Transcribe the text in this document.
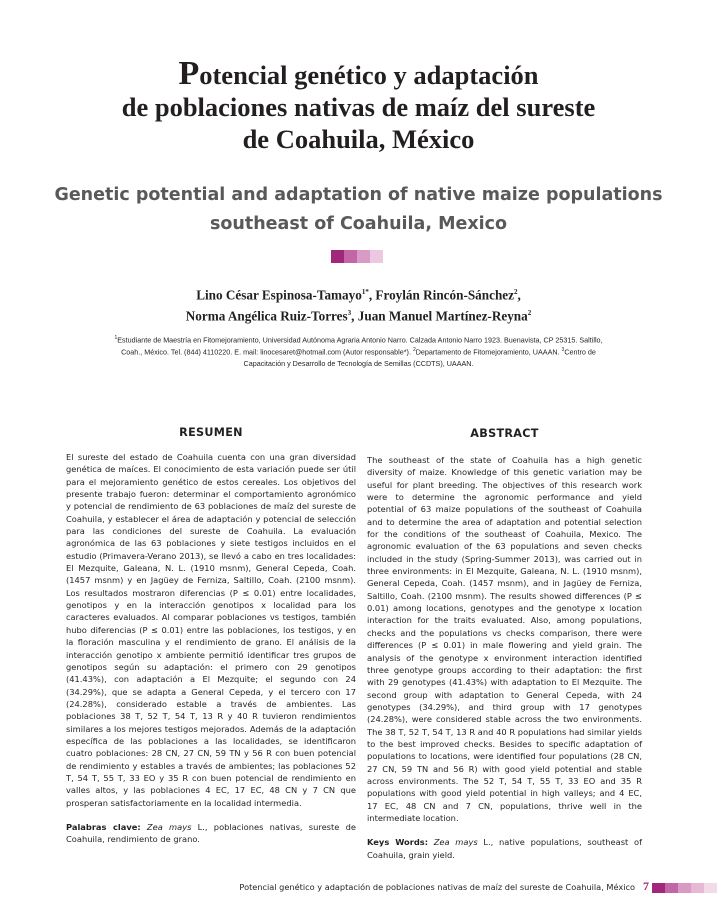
Potencial genético y adaptación
de poblaciones nativas de maíz del sureste
de Coahuila, México
Genetic potential and adaptation of native maize populations
southeast of Coahuila, Mexico
Lino César Espinosa-Tamayo$^{1*}$, Froylán Rincón-Sánchez$^2$,
Norma Angélica Ruiz-Torres$^3$, Juan Manuel Martínez-Reyna$^2$
$^1$Estudiante de Maestría en Fitomejoramiento, Universidad Autónoma Agraria Antonio Narro. Calzada Antonio Narro 1923. Buenavista, CP 25315. Saltillo, Coah., México. Tel. (844) 4110220. E. mail: linocesaret@hotmail.com (Autor responsable*). $^2$Departamento de Fitomejoramiento, UAAAN. $^3$Centro de Capacitación y Desarrollo de Tecnología de Semillas (CCDTS), UAAAN.
RESUMEN

El sureste del estado de Coahuila cuenta con una gran diversidad genética de maíces. El conocimiento de esta variación puede ser útil para el mejoramiento genético de estos cereales. Los objetivos del presente trabajo fueron: determinar el comportamiento agronómico y potencial de rendimiento de 63 poblaciones de maíz del sureste de Coahuila, y establecer el área de adaptación y potencial de selección para las condiciones del sureste de Coahuila. La evaluación agronómica de las 63 poblaciones y siete testigos incluidos en el estudio (Primavera-Verano 2013), se llevó a cabo en tres localidades: El Mezquite, Galeana, N. L. (1910 msnm), General Cepeda, Coah. (1457 msnm) y en Jagüey de Ferniza, Saltillo, Coah. (2100 msnm). Los resultados mostraron diferencias (P ≤ 0.01) entre localidades, genotipos y en la interacción genotipos x localidad para los caracteres evaluados. Al comparar poblaciones vs testigos, también hubo diferencias (P ≤ 0.01) entre las poblaciones, los testigos, y en la floración masculina y el rendimiento de grano. El análisis de la interacción genotipo x ambiente permitió identificar tres grupos de genotipos según su adaptación: el primero con 29 genotipos (41.43%), con adaptación a El Mezquite; el segundo con 24 (34.29%), que se adapta a General Cepeda, y el tercero con 17 (24.28%), considerado estable a través de ambientes. Las poblaciones 38 T, 52 T, 54 T, 13 R y 40 R tuvieron rendimientos similares a los mejores testigos mejorados. Además de la adaptación específica de las poblaciones a las localidades, se identificaron cuatro poblaciones: 28 CN, 27 CN, 59 TN y 56 R con buen potencial de rendimiento y estables a través de ambientes; las poblaciones 52 T, 54 T, 55 T, 33 EO y 35 R con buen potencial de rendimiento en valles altos, y las poblaciones 4 EC, 17 EC, 48 CN y 7 CN que prosperan satisfactoriamente en la localidad intermedia.

Palabras clave: Zea mays L., poblaciones nativas, sureste de Coahuila, rendimiento de grano.

ABSTRACT

The southeast of the state of Coahuila has a high genetic diversity of maize. Knowledge of this genetic variation may be useful for plant breeding. The objectives of this research work were to determine the agronomic performance and yield potential of 63 maize populations of the southeast of Coahuila and to determine the area of adaptation and potential selection for the conditions of the southeast of Coahuila, Mexico. The agronomic evaluation of the 63 populations and seven checks included in the study (Spring-Summer 2013), was carried out in three environments: in El Mezquite, Galeana, N. L. (1910 msnm), General Cepeda, Coah. (1457 msnm), and in Jagüey de Ferniza, Saltillo, Coah. (2100 msnm). The results showed differences (P ≤ 0.01) among locations, genotypes and the genotype x location interaction for the traits evaluated. Also, among populations, checks and the populations vs checks comparison, there were differences (P ≤ 0.01) in male flowering and yield grain. The analysis of the genotype x environment interaction identified three genotype groups according to their adaptation: the first with 29 genotypes (41.43%) with adaptation to El Mezquite. The second group with adaptation to General Cepeda, with 24 genotypes (34.29%), and third group with 17 genotypes (24.28%), were considered stable across the two environments. The 38 T, 52 T, 54 T, 13 R and 40 R populations had similar yields to the best improved checks. Besides to specific adaptation of populations to locations, were identified four populations (28 CN, 27 CN, 59 TN and 56 R) with good yield potential and stable across environments. The 52 T, 54 T, 55 T, 33 EO and 35 R populations with good yield potential in high valleys; and 4 EC, 17 EC, 48 CN and 7 CN, populations, thrive well in the intermediate location.

Keys Words: Zea mays L., native populations, southeast of Coahuila, grain yield.

Potencial genético y adaptación de poblaciones nativas de maíz del sureste de Coahuila, México 7
